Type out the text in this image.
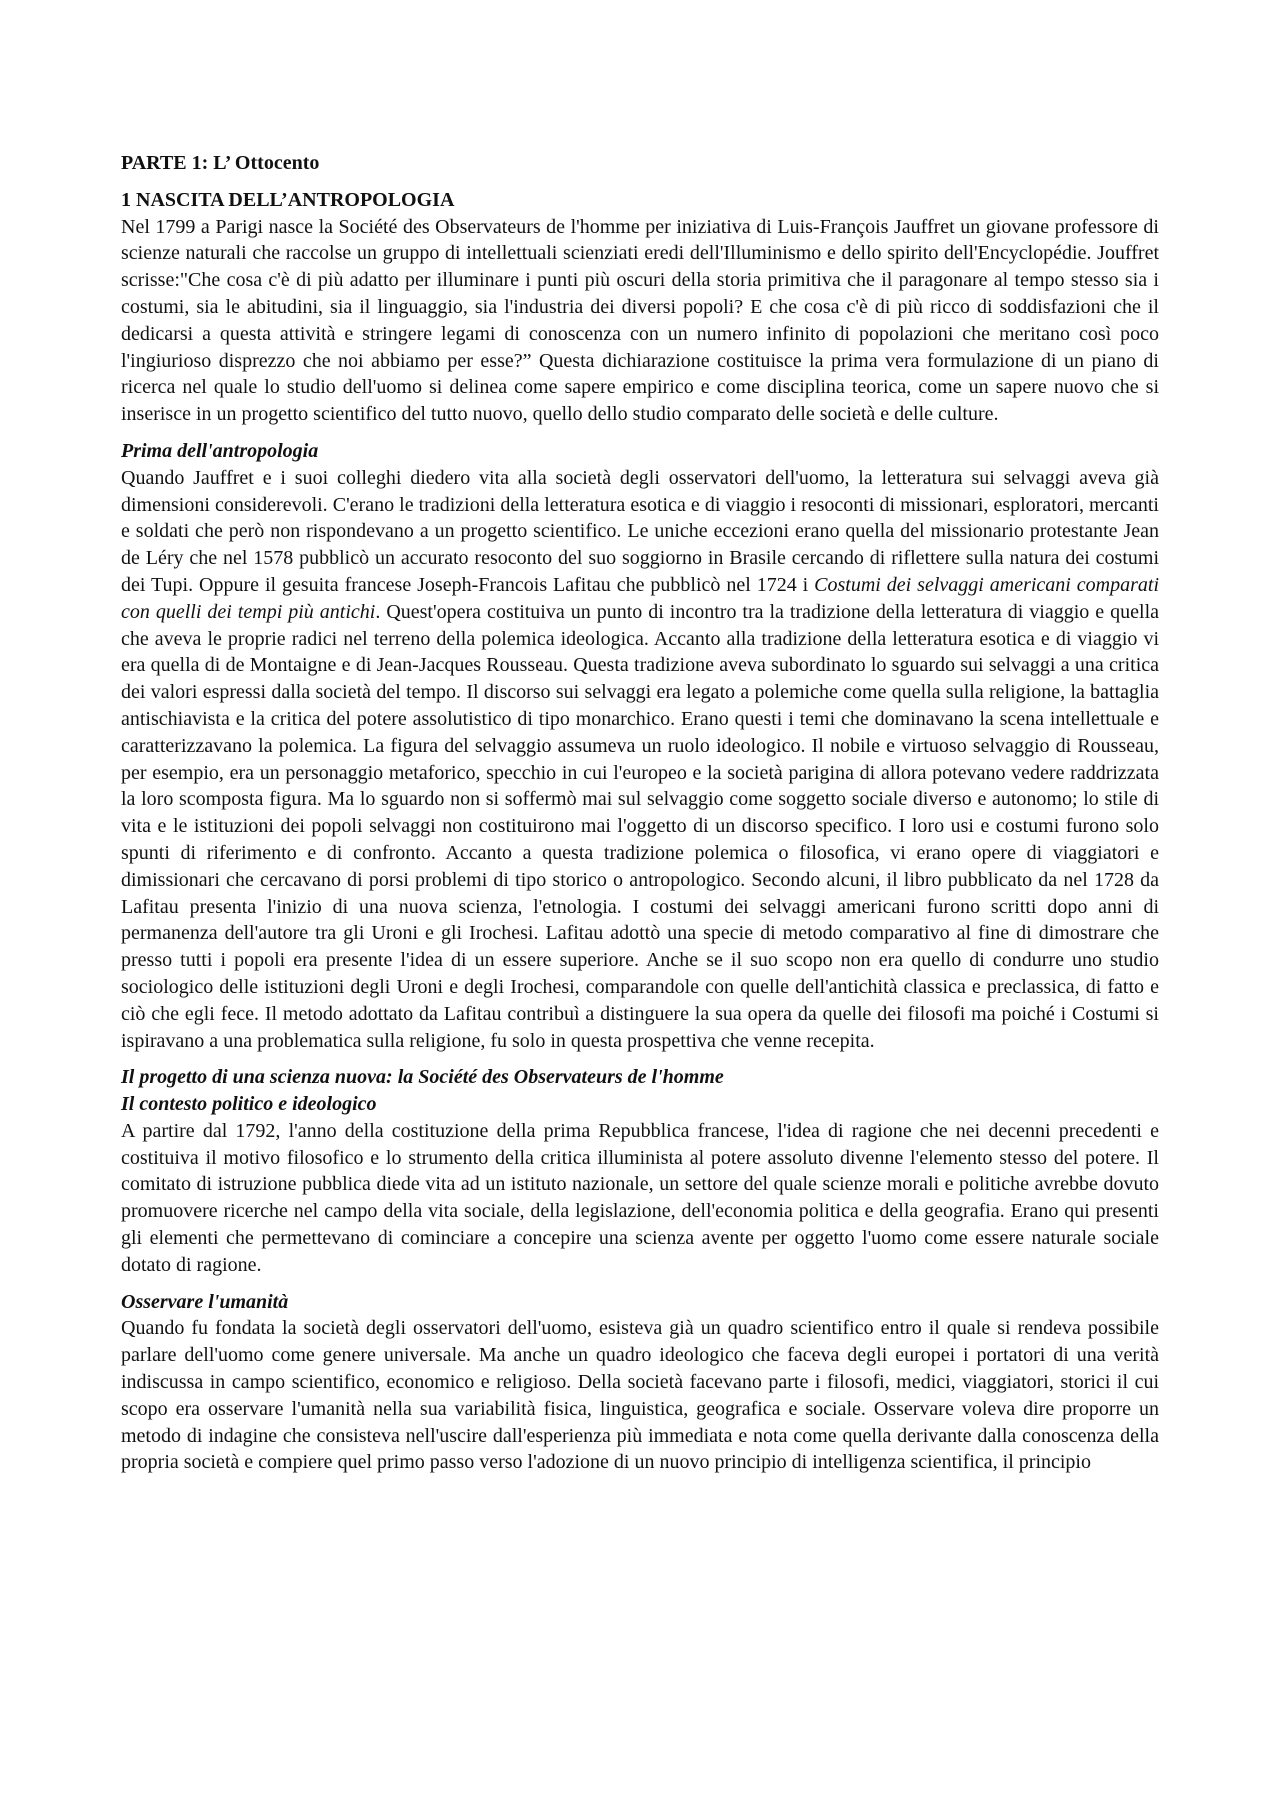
PARTE 1: L’ Ottocento
1 NASCITA DELL’ANTROPOLOGIA

Nel 1799 a Parigi nasce la Société des Observateurs de l'homme per iniziativa di Luis-François Jauffret un giovane professore di scienze naturali che raccolse un gruppo di intellettuali scienziati eredi dell'Illuminismo e dello spirito dell'Encyclopédie. Jouffret scrisse:"Che cosa c'è di più adatto per illuminare i punti più oscuri della storia primitiva che il paragonare al tempo stesso sia i costumi, sia le abitudini, sia il linguaggio, sia l'industria dei diversi popoli? E che cosa c'è di più ricco di soddisfazioni che il dedicarsi a questa attività e stringere legami di conoscenza con un numero infinito di popolazioni che meritano così poco l'ingiurioso disprezzo che noi abbiamo per esse?” Questa dichiarazione costituisce la prima vera formulazione di un piano di ricerca nel quale lo studio dell'uomo si delinea come sapere empirico e come disciplina teorica, come un sapere nuovo che si inserisce in un progetto scientifico del tutto nuovo, quello dello studio comparato delle società e delle culture.

Prima dell'antropologia

Quando Jauffret e i suoi colleghi diedero vita alla società degli osservatori dell'uomo, la letteratura sui selvaggi aveva già dimensioni considerevoli. C'erano le tradizioni della letteratura esotica e di viaggio i resoconti di missionari, esploratori, mercanti e soldati che però non rispondevano a un progetto scientifico. Le uniche eccezioni erano quella del missionario protestante Jean de Léry che nel 1578 pubblicò un accurato resoconto del suo soggiorno in Brasile cercando di riflettere sulla natura dei costumi dei Tupi. Oppure il gesuita francese Joseph-Francois Lafitau che pubblicò nel 1724 i Costumi dei selvaggi americani comparati con quelli dei tempi più antichi. Quest'opera costituiva un punto di incontro tra la tradizione della letteratura di viaggio e quella che aveva le proprie radici nel terreno della polemica ideologica. Accanto alla tradizione della letteratura esotica e di viaggio vi era quella di de Montaigne e di Jean-Jacques Rousseau. Questa tradizione aveva subordinato lo sguardo sui selvaggi a una critica dei valori espressi dalla società del tempo. Il discorso sui selvaggi era legato a polemiche come quella sulla religione, la battaglia antischiavista e la critica del potere assolutistico di tipo monarchico. Erano questi i temi che dominavano la scena intellettuale e caratterizzavano la polemica. La figura del selvaggio assumeva un ruolo ideologico. Il nobile e virtuoso selvaggio di Rousseau, per esempio, era un personaggio metaforico, specchio in cui l'europeo e la società parigina di allora potevano vedere raddrizzata la loro scomposta figura. Ma lo sguardo non si soffermò mai sul selvaggio come soggetto sociale diverso e autonomo; lo stile di vita e le istituzioni dei popoli selvaggi non costituirono mai l'oggetto di un discorso specifico. I loro usi e costumi furono solo spunti di riferimento e di confronto. Accanto a questa tradizione polemica o filosofica, vi erano opere di viaggiatori e dimissionari che cercavano di porsi problemi di tipo storico o antropologico. Secondo alcuni, il libro pubblicato da nel 1728 da Lafitau presenta l'inizio di una nuova scienza, l'etnologia. I costumi dei selvaggi americani furono scritti dopo anni di permanenza dell'autore tra gli Uroni e gli Irochesi. Lafitau adottò una specie di metodo comparativo al fine di dimostrare che presso tutti i popoli era presente l'idea di un essere superiore. Anche se il suo scopo non era quello di condurre uno studio sociologico delle istituzioni degli Uroni e degli Irochesi, comparandole con quelle dell'antichità classica e preclassica, di fatto e ciò che egli fece. Il metodo adottato da Lafitau contribuì a distinguere la sua opera da quelle dei filosofi ma poiché i Costumi si ispiravano a una problematica sulla religione, fu solo in questa prospettiva che venne recepita.

Il progetto di una scienza nuova: la Société des Observateurs de l'homme
Il contesto politico e ideologico

A partire dal 1792, l'anno della costituzione della prima Repubblica francese, l'idea di ragione che nei decenni precedenti e costituiva il motivo filosofico e lo strumento della critica illuminista al potere assoluto divenne l'elemento stesso del potere. Il comitato di istruzione pubblica diede vita ad un istituto nazionale, un settore del quale scienze morali e politiche avrebbe dovuto promuovere ricerche nel campo della vita sociale, della legislazione, dell'economia politica e della geografia. Erano qui presenti gli elementi che permettevano di cominciare a concepire una scienza avente per oggetto l'uomo come essere naturale sociale dotato di ragione.

Osservare l'umanità

Quando fu fondata la società degli osservatori dell'uomo, esisteva già un quadro scientifico entro il quale si rendeva possibile parlare dell'uomo come genere universale. Ma anche un quadro ideologico che faceva degli europei i portatori di una verità indiscussa in campo scientifico, economico e religioso. Della società facevano parte i filosofi, medici, viaggiatori, storici il cui scopo era osservare l'umanità nella sua variabilità fisica, linguistica, geografica e sociale. Osservare voleva dire proporre un metodo di indagine che consisteva nell'uscire dall'esperienza più immediata e nota come quella derivante dalla conoscenza della propria società e compiere quel primo passo verso l'adozione di un nuovo principio di intelligenza scientifica, il principio
